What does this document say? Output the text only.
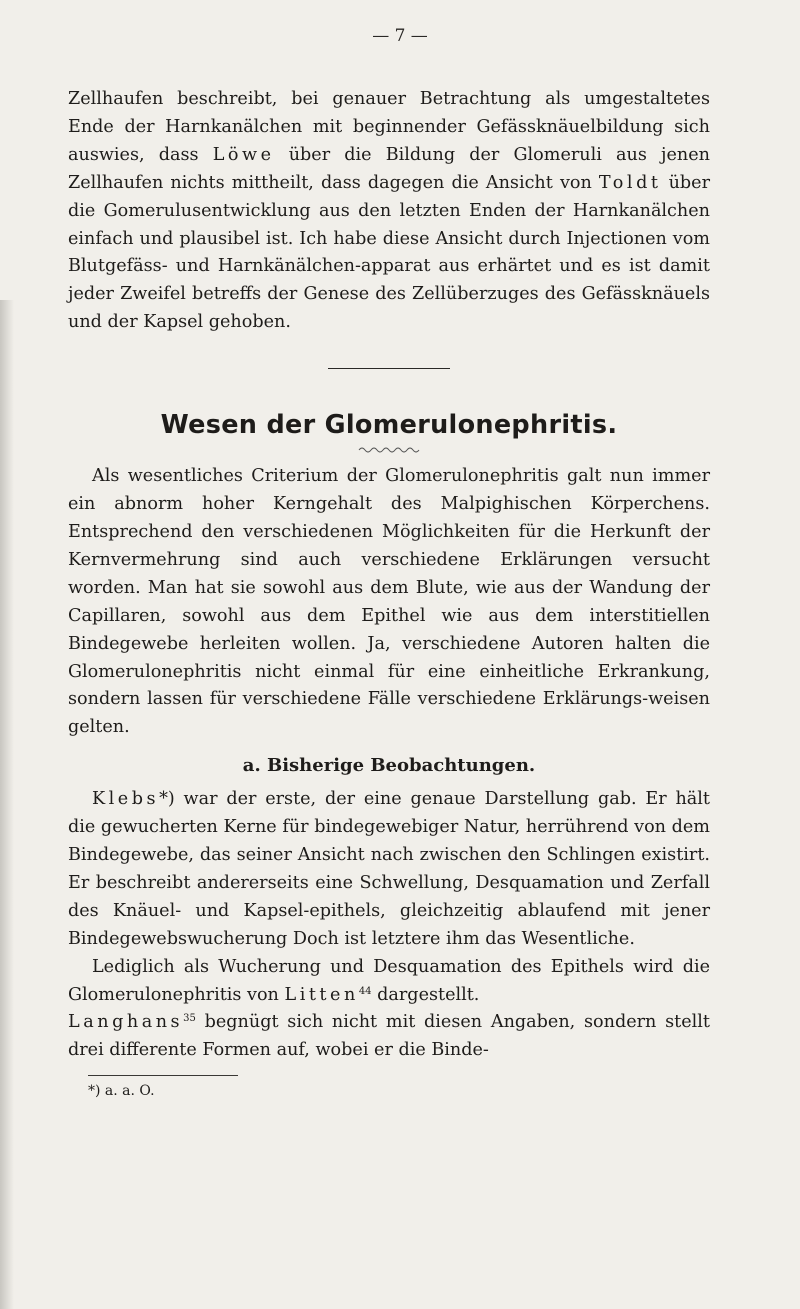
— 7 —

Zellhaufen beschreibt, bei genauer Betrachtung als umgestaltetes Ende der Harnkanälchen mit beginnender Gefässknäuelbildung sich auswies, dass Löwe über die Bildung der Glomeruli aus jenen Zellhaufen nichts mittheilt, dass dagegen die Ansicht von Toldt über die Gomerulusentwicklung aus den letzten Enden der Harnkanälchen einfach und plausibel ist. Ich habe diese Ansicht durch Injectionen vom Blutgefäss- und Harnkänälchen-apparat aus erhärtet und es ist damit jeder Zweifel betreffs der Genese des Zellüberzuges des Gefässknäuels und der Kapsel gehoben.

Wesen der Glomerulonephritis.

Als wesentliches Criterium der Glomerulonephritis galt nun immer ein abnorm hoher Kerngehalt des Malpighischen Körperchens. Entsprechend den verschiedenen Möglichkeiten für die Herkunft der Kernvermehrung sind auch verschiedene Erklärungen versucht worden. Man hat sie sowohl aus dem Blute, wie aus der Wandung der Capillaren, sowohl aus dem Epithel wie aus dem interstitiellen Bindegewebe herleiten wollen. Ja, verschiedene Autoren halten die Glomerulonephritis nicht einmal für eine einheitliche Erkrankung, sondern lassen für verschiedene Fälle verschiedene Erklärungs-weisen gelten.

a. Bisherige Beobachtungen.

Klebs*) war der erste, der eine genaue Darstellung gab. Er hält die gewucherten Kerne für bindegewebiger Natur, herrührend von dem Bindegewebe, das seiner Ansicht nach zwischen den Schlingen existirt. Er beschreibt andererseits eine Schwellung, Desquamation und Zerfall des Knäuel- und Kapsel-epithels, gleichzeitig ablaufend mit jener Bindegewebswucherung Doch ist letztere ihm das Wesentliche.

Lediglich als Wucherung und Desquamation des Epithels wird die Glomerulonephritis von Litten$^{44}$ dargestellt.
Langhans$^{35}$ begnügt sich nicht mit diesen Angaben, sondern stellt drei differente Formen auf, wobei er die Binde-

*) a. a. O.
